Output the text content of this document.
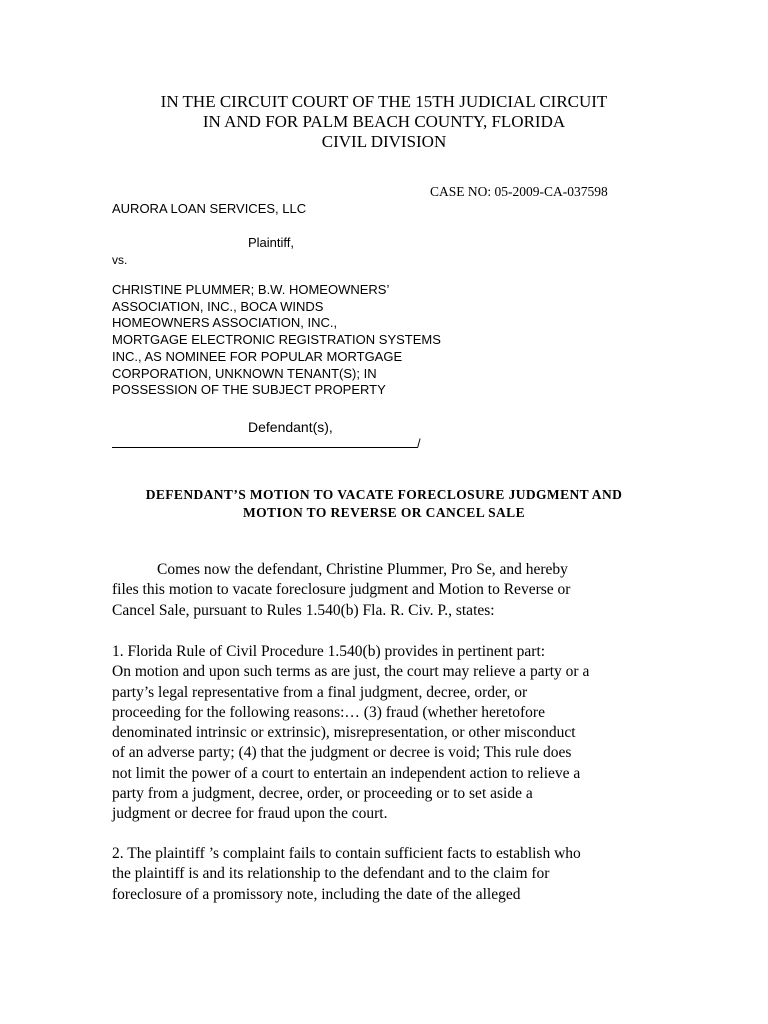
IN THE CIRCUIT COURT OF THE 15TH JUDICIAL CIRCUIT
IN AND FOR PALM BEACH COUNTY, FLORIDA
CIVIL DIVISION
CASE NO: 05-2009-CA-037598
AURORA LOAN SERVICES, LLC
Plaintiff,
vs.
CHRISTINE PLUMMER; B.W. HOMEOWNERS’
ASSOCIATION, INC., BOCA WINDS
HOMEOWNERS ASSOCIATION, INC.,
MORTGAGE ELECTRONIC REGISTRATION SYSTEMS
INC., AS NOMINEE FOR POPULAR MORTGAGE
CORPORATION, UNKNOWN TENANT(S); IN
POSSESSION OF THE SUBJECT PROPERTY
Defendant(s),
/
DEFENDANT’S MOTION TO VACATE FORECLOSURE JUDGMENT AND
MOTION TO REVERSE OR CANCEL SALE
Comes now the defendant, Christine Plummer, Pro Se, and hereby
files this motion to vacate foreclosure judgment and Motion to Reverse or
Cancel Sale, pursuant to Rules 1.540(b) Fla. R. Civ. P., states:
1. Florida Rule of Civil Procedure 1.540(b) provides in pertinent part:
On motion and upon such terms as are just, the court may relieve a party or a
party’s legal representative from a final judgment, decree, order, or
proceeding for the following reasons:… (3) fraud (whether heretofore
denominated intrinsic or extrinsic), misrepresentation, or other misconduct
of an adverse party; (4) that the judgment or decree is void; This rule does
not limit the power of a court to entertain an independent action to relieve a
party from a judgment, decree, order, or proceeding or to set aside a
judgment or decree for fraud upon the court.
2. The plaintiff ’s complaint fails to contain sufficient facts to establish who
the plaintiff is and its relationship to the defendant and to the claim for
foreclosure of a promissory note, including the date of the alleged
